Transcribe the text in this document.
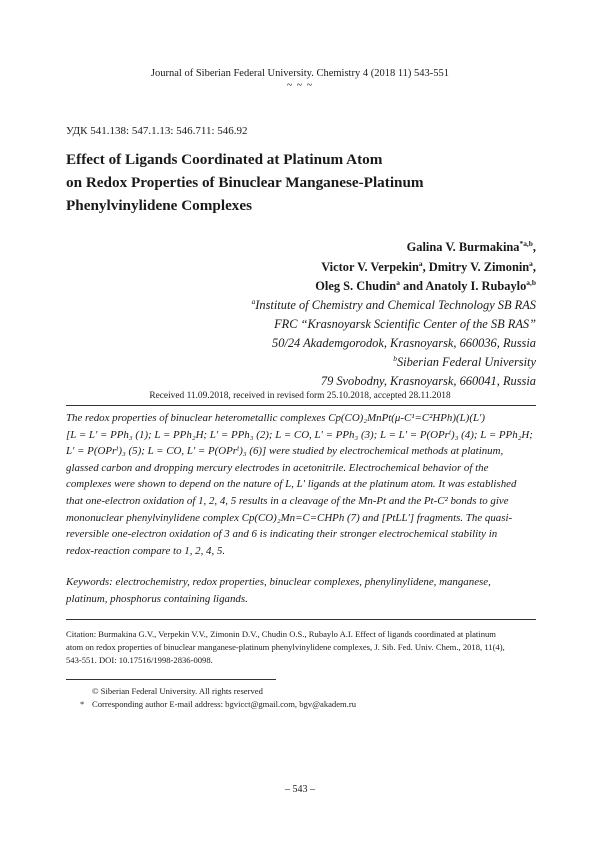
Journal of Siberian Federal University. Chemistry 4 (2018 11) 543-551
~ ~ ~
УДК 541.138: 547.1.13: 546.711: 546.92
Effect of Ligands Coordinated at Platinum Atom
on Redox Properties of Binuclear Manganese-Platinum
Phenylvinylidene Complexes
Galina V. Burmakina$^{*a,b}$,
Victor V. Verpekin$^a$, Dmitry V. Zimonin$^a$,
Oleg S. Chudin$^a$ and Anatoly I. Rubaylo$^{a,b}$
$^a$Institute of Chemistry and Chemical Technology SB RAS
FRC “Krasnoyarsk Scientific Center of the SB RAS”
50/24 Akademgorodok, Krasnoyarsk, 660036, Russia
$^b$Siberian Federal University
79 Svobodny, Krasnoyarsk, 660041, Russia
Received 11.09.2018, received in revised form 25.10.2018, accepted 28.11.2018
The redox properties of binuclear heterometallic complexes Cp(CO)₂MnPt(μ-C¹=C²HPh)(L)(L')
[L = L' = PPh₃ (1); L = PPh₂H; L' = PPh₃ (2); L = CO, L' = PPh₃ (3); L = L' = P(OPrⁱ)₃ (4); L = PPh₂H;
L' = P(OPrⁱ)₃ (5); L = CO, L' = P(OPrⁱ)₃ (6)] were studied by electrochemical methods at platinum,
glassed carbon and dropping mercury electrodes in acetonitrile. Electrochemical behavior of the
complexes were shown to depend on the nature of L, L' ligands at the platinum atom. It was established
that one-electron oxidation of 1, 2, 4, 5 results in a cleavage of the Mn-Pt and the Pt-C² bonds to give
mononuclear phenylvinylidene complex Cp(CO)₂Mn=C=CHPh (7) and [PtLL'] fragments. The quasi-
reversible one-electron oxidation of 3 and 6 is indicating their stronger electrochemical stability in
redox-reaction compare to 1, 2, 4, 5.
Keywords: electrochemistry, redox properties, binuclear complexes, phenylinylidene, manganese,
platinum, phosphorus containing ligands.
Citation: Burmakina G.V., Verpekin V.V., Zimonin D.V., Chudin O.S., Rubaylo A.I. Effect of ligands coordinated at platinum
atom on redox properties of binuclear manganese-platinum phenylvinylidene complexes, J. Sib. Fed. Univ. Chem., 2018, 11(4),
543-551. DOI: 10.17516/1998-2836-0098.
© Siberian Federal University. All rights reserved
* Corresponding author E-mail address: bgvicct@gmail.com, bgv@akadem.ru
– 543 –
